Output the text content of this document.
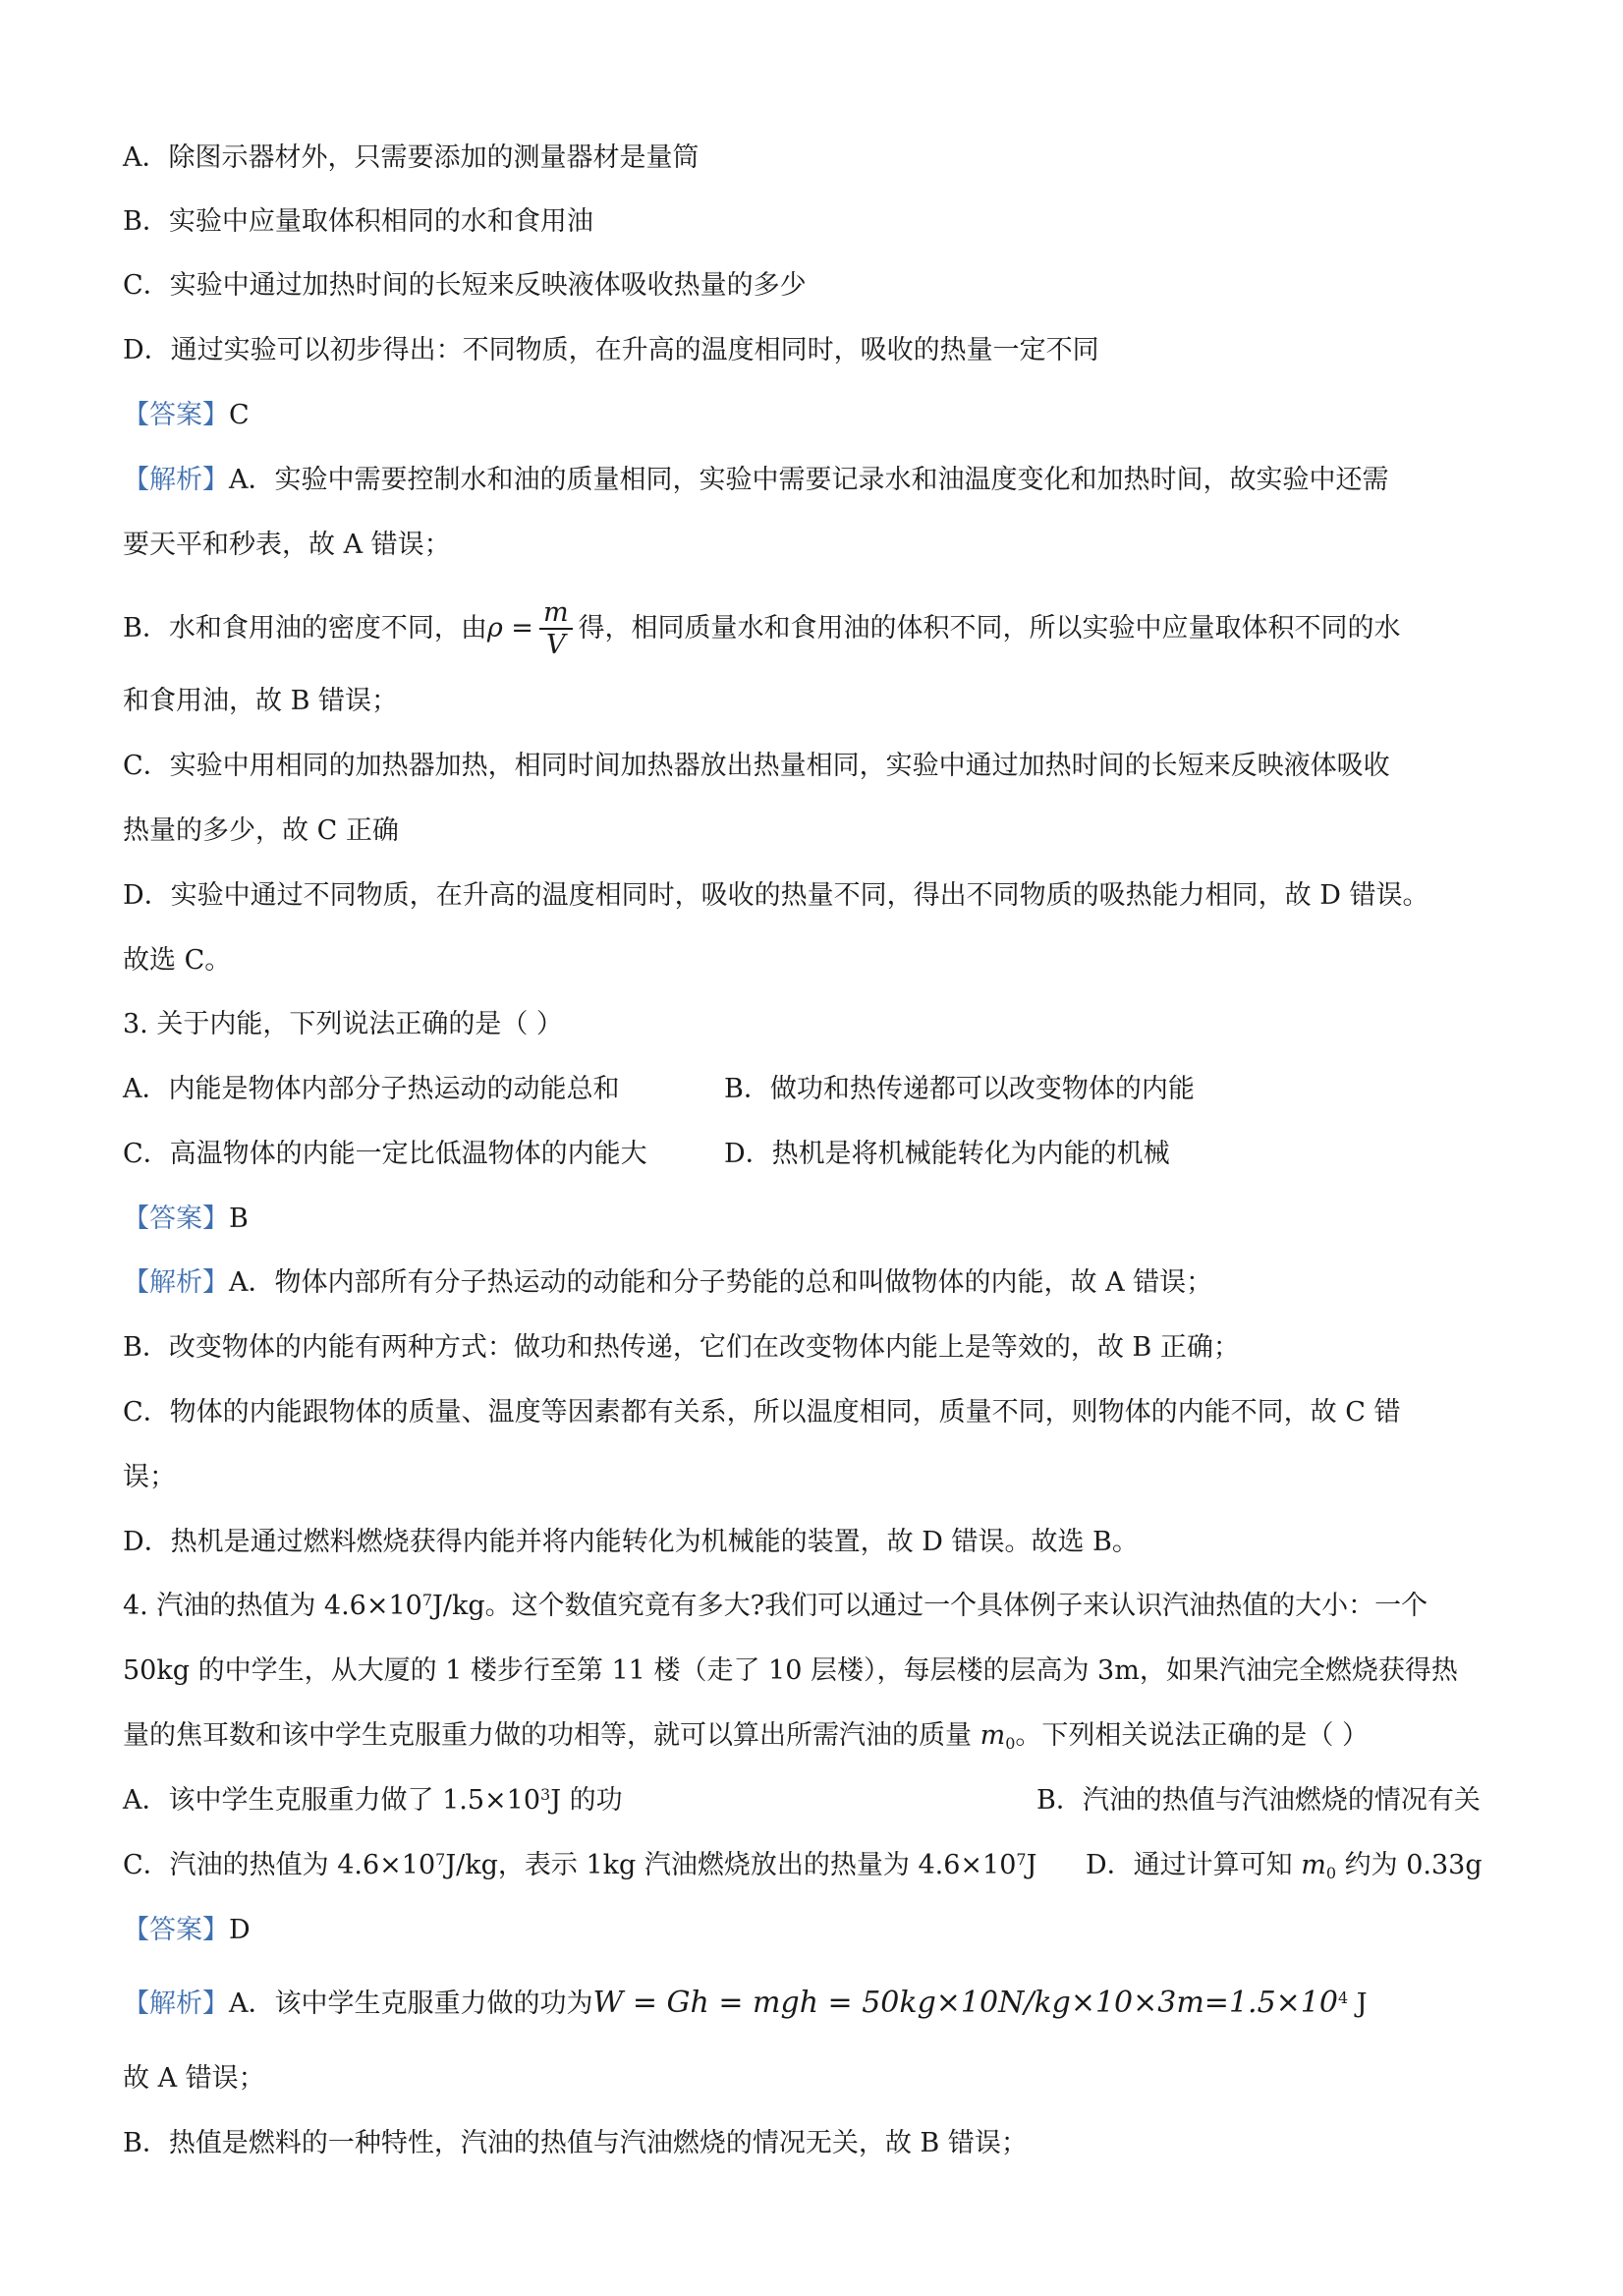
A．除图示器材外，只需要添加的测量器材是量筒
B．实验中应量取体积相同的水和食用油
C．实验中通过加热时间的长短来反映液体吸收热量的多少
D．通过实验可以初步得出：不同物质，在升高的温度相同时，吸收的热量一定不同
【答案】C
【解析】A．实验中需要控制水和油的质量相同，实验中需要记录水和油温度变化和加热时间，故实验中还需
要天平和秒表，故 A 错误；
B．水和食用油的密度不同，由$\rho = \frac{m}{V}$ 得，相同质量水和食用油的体积不同，所以实验中应量取体积不同的水
和食用油，故 B 错误；
C．实验中用相同的加热器加热，相同时间加热器放出热量相同，实验中通过加热时间的长短来反映液体吸收
热量的多少，故 C 正确
D．实验中通过不同物质，在升高的温度相同时，吸收的热量不同，得出不同物质的吸热能力相同，故 D 错误。
故选 C。
3. 关于内能，下列说法正确的是（ ）
A．内能是物体内部分子热运动的动能总和	B．做功和热传递都可以改变物体的内能
C．高温物体的内能一定比低温物体的内能大	D．热机是将机械能转化为内能的机械
【答案】B
【解析】A．物体内部所有分子热运动的动能和分子势能的总和叫做物体的内能，故 A 错误；
B．改变物体的内能有两种方式：做功和热传递，它们在改变物体内能上是等效的，故 B 正确；
C．物体的内能跟物体的质量、温度等因素都有关系，所以温度相同，质量不同，则物体的内能不同，故 C 错
误；
D．热机是通过燃料燃烧获得内能并将内能转化为机械能的装置，故 D 错误。故选 B。
4. 汽油的热值为 $4.6\times 10^7J/kg$。这个数值究竟有多大?我们可以通过一个具体例子来认识汽油热值的大小：一个
50kg 的中学生，从大厦的 1 楼步行至第 11 楼（走了 10 层楼），每层楼的层高为 3m，如果汽油完全燃烧获得热
量的焦耳数和该中学生克服重力做的功相等，就可以算出所需汽油的质量 $m_0$。下列相关说法正确的是（ ）
A．该中学生克服重力做了 $1.5\times 10^3J$ 的功	B．汽油的热值与汽油燃烧的情况有关
C．汽油的热值为 $4.6\times 10^7J/kg$，表示 1kg 汽油燃烧放出的热量为 $4.6\times 10^7J$ D．通过计算可知 $m_0$ 约为 0.33g
【答案】D
【解析】A．该中学生克服重力做的功为W = Gh = mgh = $50kg\times 10N/kg\times 10\times 3m=1.5\times 10^4$ J
故 A 错误；
B．热值是燃料的一种特性，汽油的热值与汽油燃烧的情况无关，故 B 错误；
